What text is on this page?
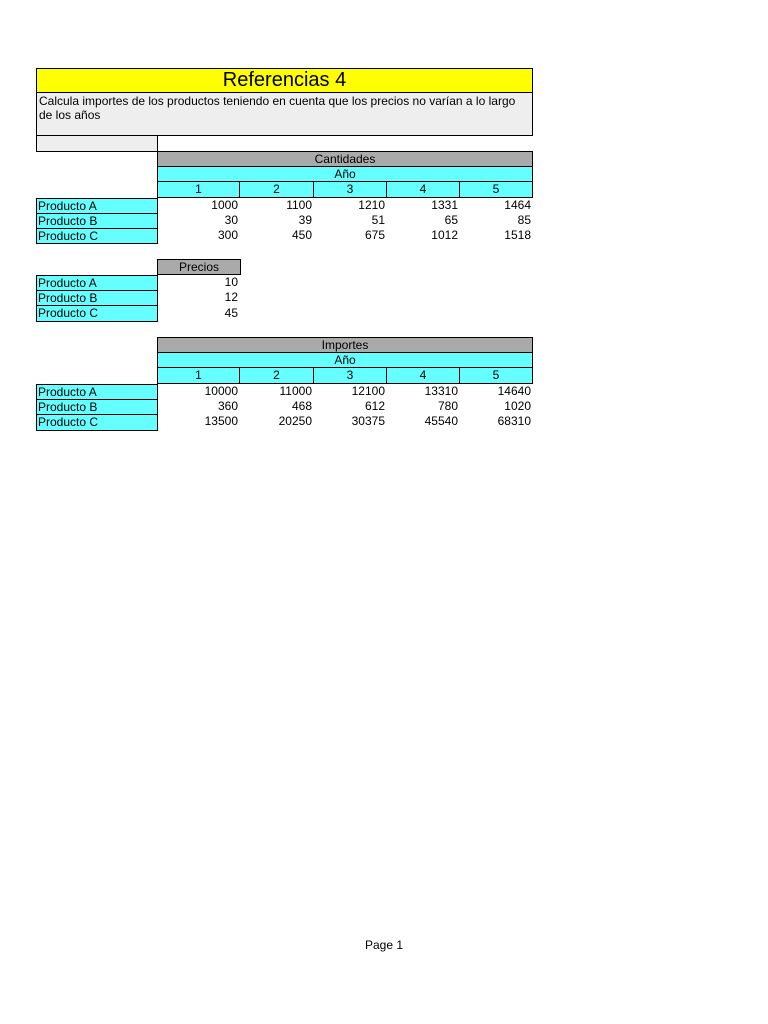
Referencias 4
Calcula importes de los productos teniendo en cuenta que los precios no varían a lo largo de los años
Cantidades
Año
1	2	3	4	5
Producto A	1000	1100	1210	1331	1464
Producto B	30	39	51	65	85
Producto C	300	450	675	1012	1518
Precios
Producto A	10
Producto B	12
Producto C	45
Importes
Año
1	2	3	4	5
Producto A	10000	11000	12100	13310	14640
Producto B	360	468	612	780	1020
Producto C	13500	20250	30375	45540	68310
Page 1
